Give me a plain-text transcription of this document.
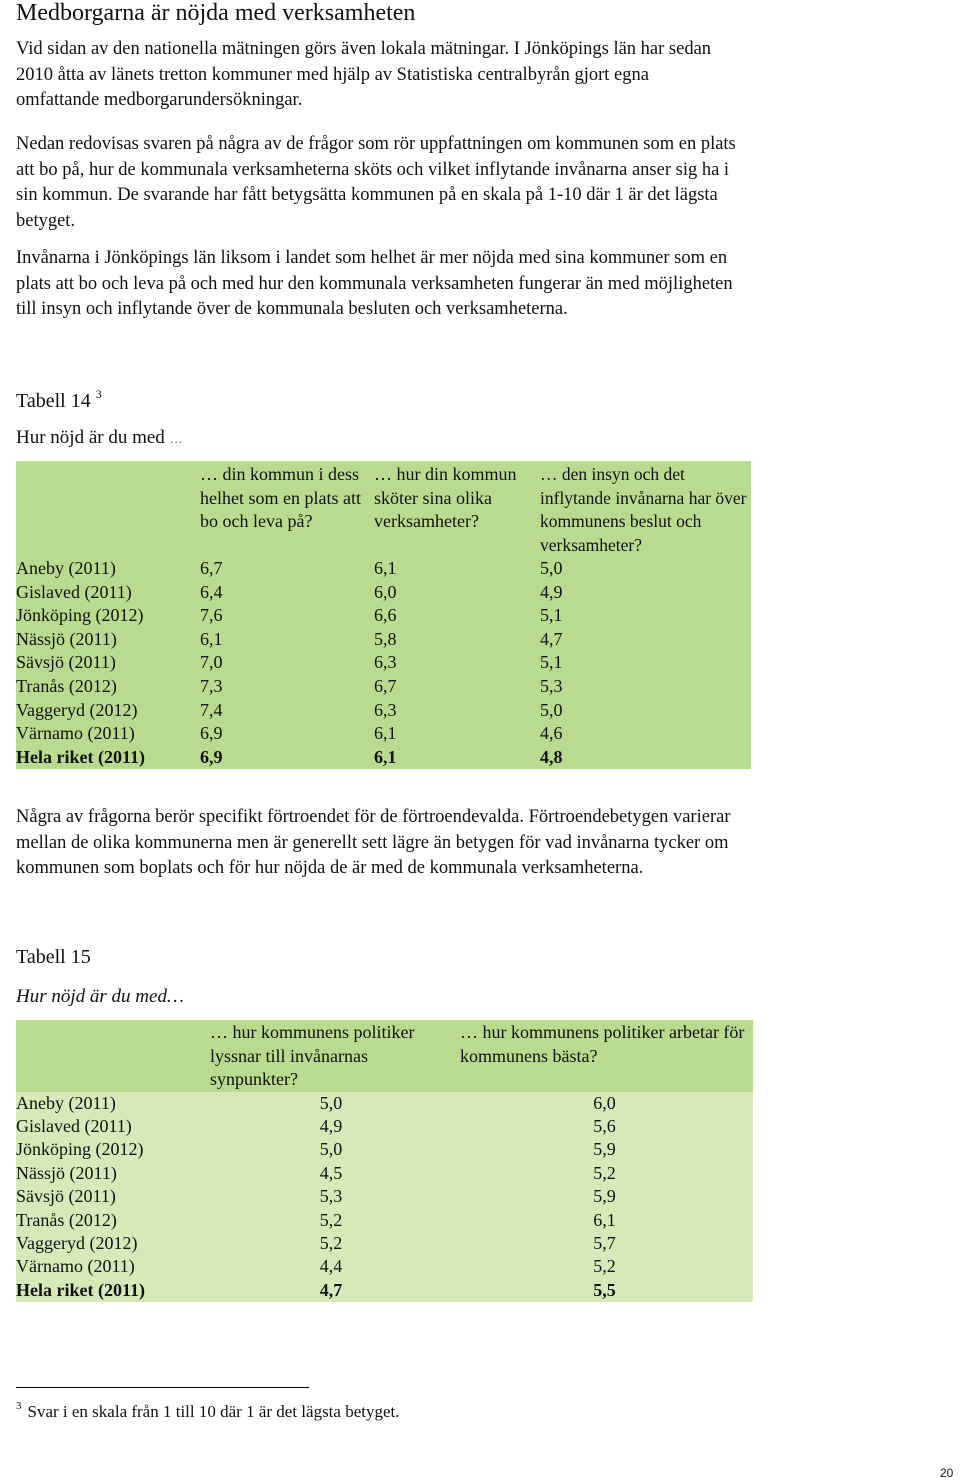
Medborgarna är nöjda med verksamheten

Vid sidan av den nationella mätningen görs även lokala mätningar. I Jönköpings län har sedan 2010 åtta av länets tretton kommuner med hjälp av Statistiska centralbyrån gjort egna omfattande medborgarundersökningar.

Nedan redovisas svaren på några av de frågor som rör uppfattningen om kommunen som en plats att bo på, hur de kommunala verksamheterna sköts och vilket inflytande invånarna anser sig ha i sin kommun. De svarande har fått betygsätta kommunen på en skala på 1-10 där 1 är det lägsta betyget.

Invånarna i Jönköpings län liksom i landet som helhet är mer nöjda med sina kommuner som en plats att bo och leva på och med hur den kommunala verksamheten fungerar än med möjligheten till insyn och inflytande över de kommunala besluten och verksamheterna.

Tabell 14 $^3$

Hur nöjd är du med …

	… din kommun i dess helhet som en plats att bo och leva på?	… hur din kommun sköter sina olika verksamheter?	… den insyn och det inflytande invånarna har över kommunens beslut och verksamheter?
Aneby (2011)	6,7	6,1	5,0
Gislaved (2011)	6,4	6,0	4,9
Jönköping (2012)	7,6	6,6	5,1
Nässjö (2011)	6,1	5,8	4,7
Sävsjö (2011)	7,0	6,3	5,1
Tranås (2012)	7,3	6,7	5,3
Vaggeryd (2012)	7,4	6,3	5,0
Värnamo (2011)	6,9	6,1	4,6
Hela riket (2011)	6,9	6,1	4,8

Några av frågorna berör specifikt förtroendet för de förtroendevalda. Förtroendebetygen varierar mellan de olika kommunerna men är generellt sett lägre än betygen för vad invånarna tycker om kommunen som boplats och för hur nöjda de är med de kommunala verksamheterna.

Tabell 15

Hur nöjd är du med…

	… hur kommunens politiker lyssnar till invånarnas synpunkter?	… hur kommunens politiker arbetar för kommunens bästa?
Aneby (2011)	5,0	6,0
Gislaved (2011)	4,9	5,6
Jönköping (2012)	5,0	5,9
Nässjö (2011)	4,5	5,2
Sävsjö (2011)	5,3	5,9
Tranås (2012)	5,2	6,1
Vaggeryd (2012)	5,2	5,7
Värnamo (2011)	4,4	5,2
Hela riket (2011)	4,7	5,5
$^3$ Svar i en skala från 1 till 10 där 1 är det lägsta betyget.
20
